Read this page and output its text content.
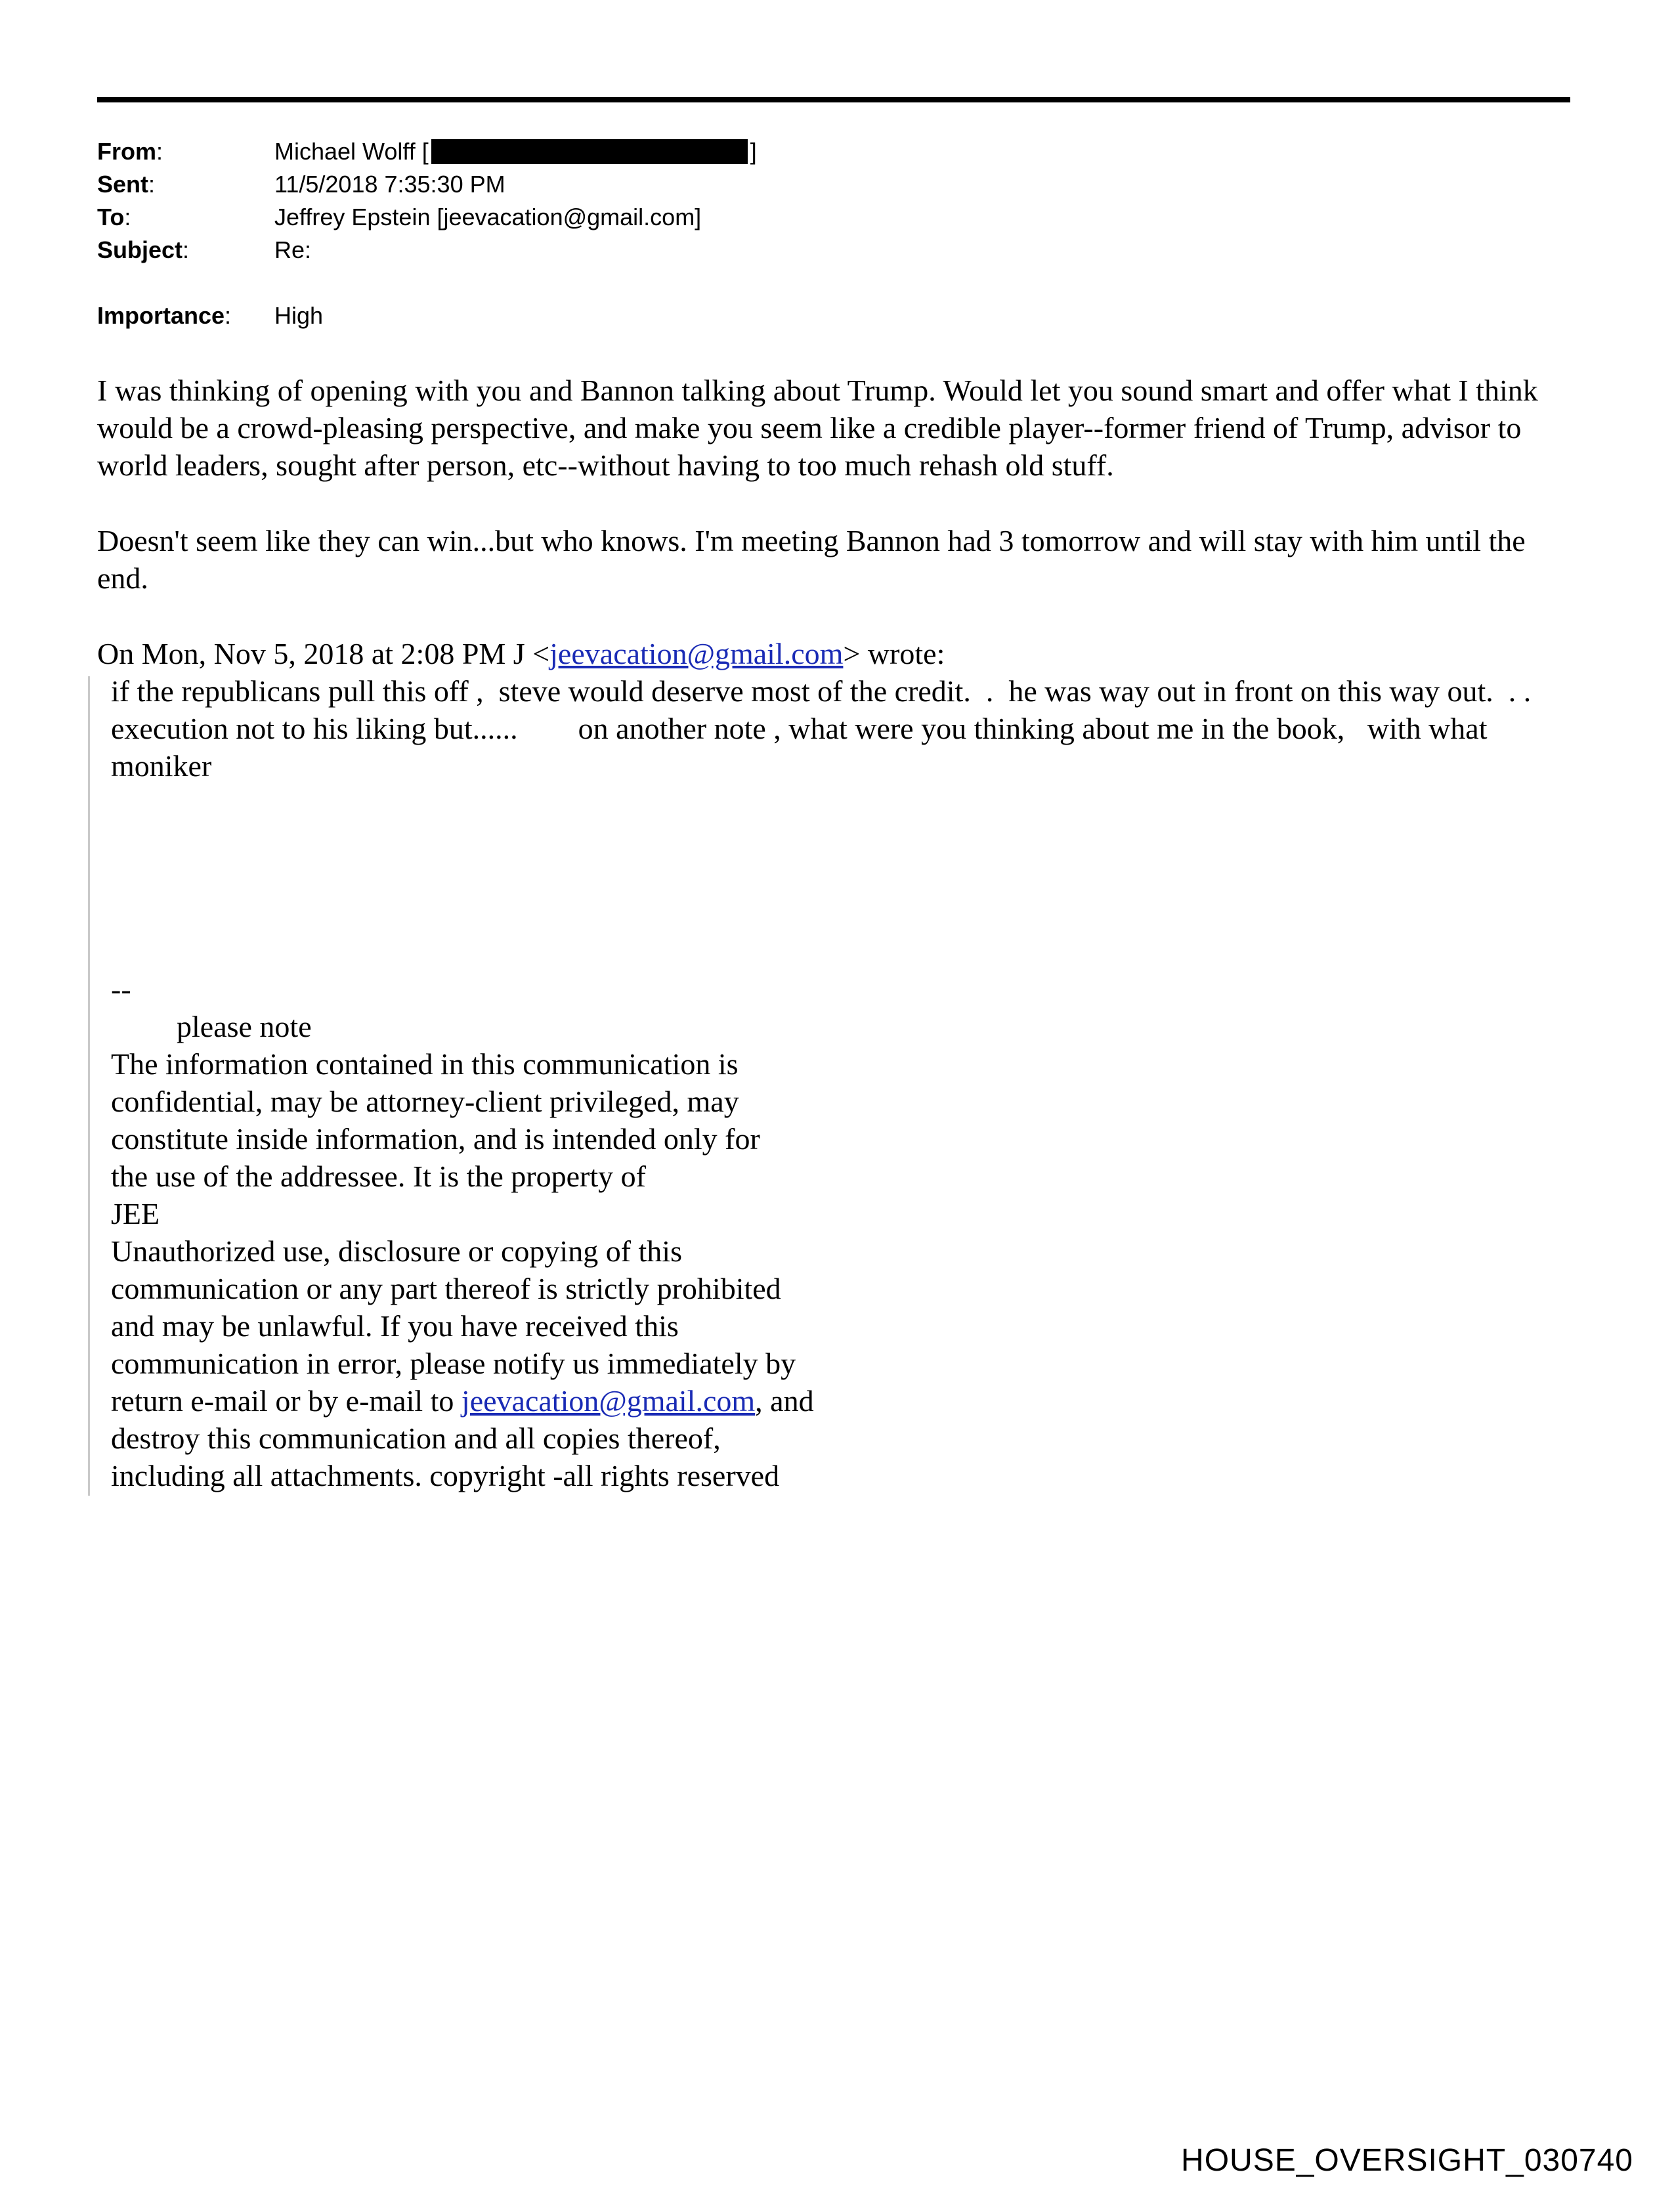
From:	Michael Wolff [	]
Sent:	11/5/2018 7:35:30 PM
To:	Jeffrey Epstein [jeevacation@gmail.com]
Subject:	Re:
Importance:	High

I was thinking of opening with you and Bannon talking about Trump. Would let you sound smart and offer what I think would be a crowd-pleasing perspective, and make you seem like a credible player--former friend of Trump, advisor to world leaders, sought after person, etc--without having to too much rehash old stuff.

Doesn't seem like they can win...but who knows. I'm meeting Bannon had 3 tomorrow and will stay with him until the end.

On Mon, Nov 5, 2018 at 2:08 PM J <jeevacation@gmail.com> wrote:

if the republicans pull this off ,  steve would deserve most of the credit.  .  he was way out in front on this way out.  . .  execution not to his liking but......        on another note , what were you thinking about me in the book,   with what moniker

--
please note
The information contained in this communication is
confidential, may be attorney-client privileged, may
constitute inside information, and is intended only for
the use of the addressee. It is the property of
JEE
Unauthorized use, disclosure or copying of this
communication or any part thereof is strictly prohibited
and may be unlawful. If you have received this
communication in error, please notify us immediately by
return e-mail or by e-mail to jeevacation@gmail.com, and
destroy this communication and all copies thereof,
including all attachments. copyright -all rights reserved
HOUSE_OVERSIGHT_030740
